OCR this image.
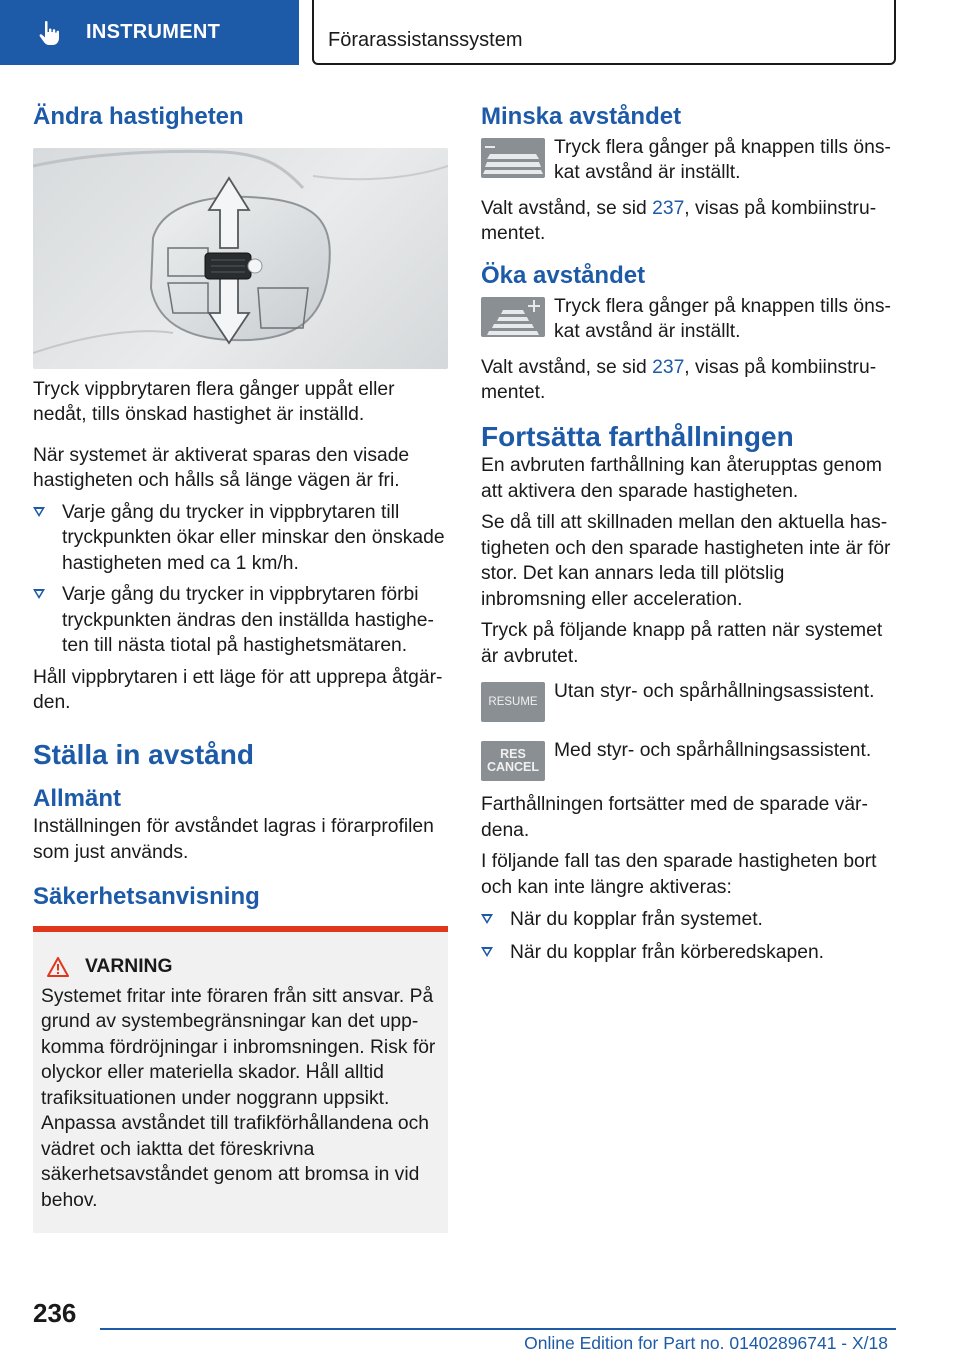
INSTRUMENT	Förarassistanssystem
Ändra hastigheten

Tryck vippbrytaren flera gånger uppåt eller nedåt, tills önskad hastighet är inställd.

När systemet är aktiverat sparas den visade hastigheten och hålls så länge vägen är fri.

Varje gång du trycker in vippbrytaren till tryckpunkten ökar eller minskar den önskade hastigheten med ca 1 km/h.
Varje gång du trycker in vippbrytaren förbi tryckpunkten ändras den inställda hastigheten till nästa tiotal på hastighetsmätaren.

Håll vippbrytaren i ett läge för att upprepa åtgärden.

Ställa in avstånd
Allmänt

Inställningen för avståndet lagras i förarprofilen som just används.

Säkerhetsanvisning
VARNING

Systemet fritar inte föraren från sitt ansvar. På grund av systembegränsningar kan det uppkomma fördröjningar i inbromsningen. Risk för olyckor eller materiella skador. Håll alltid trafiksituationen under noggrann uppsikt. Anpassa avståndet till trafikförhållandena och vädret och iaktta det föreskrivna säkerhetsavståndet genom att bromsa in vid behov.

Minska avståndet

Tryck flera gånger på knappen tills önskat avstånd är inställt.

Valt avstånd, se sid 237, visas på kombiinstrumentet.

Öka avståndet

Tryck flera gånger på knappen tills önskat avstånd är inställt.

Valt avstånd, se sid 237, visas på kombiinstrumentet.

Fortsätta farthållningen

En avbruten farthållning kan återupptas genom att aktivera den sparade hastigheten.

Se då till att skillnaden mellan den aktuella hastigheten och den sparade hastigheten inte är för stor. Det kan annars leda till plötslig inbromsning eller acceleration.

Tryck på följande knapp på ratten när systemet är avbrutet.

RESUME Utan styr- och spårhållningsassistent.

RES
CANCEL

Med styr- och spårhållningsassistent.

Farthållningen fortsätter med de sparade värdena.

I följande fall tas den sparade hastigheten bort och kan inte längre aktiveras:

När du kopplar från systemet.
När du kopplar från körberedskapen.
236
Online Edition for Part no. 01402896741 - X/18
